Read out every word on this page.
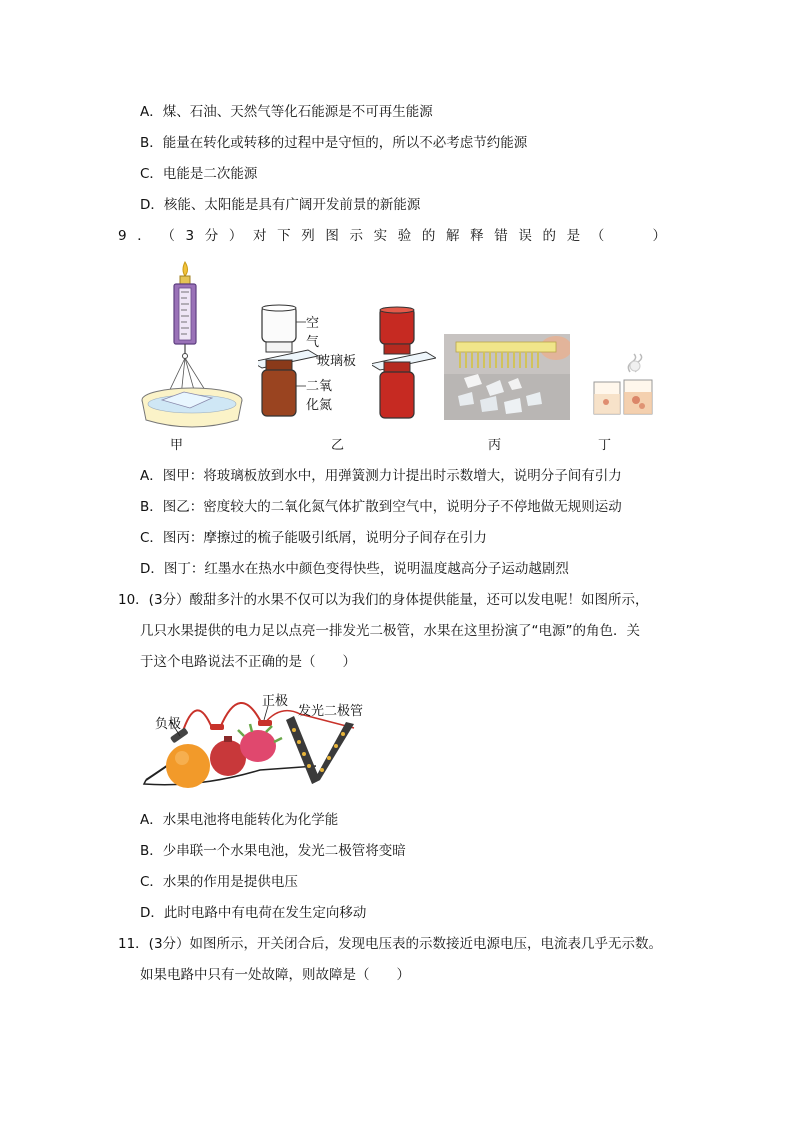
A．煤、石油、天然气等化石能源是不可再生能源
B．能量在转化或转移的过程中是守恒的，所以不必考虑节约能源
C．电能是二次能源
D．核能、太阳能是具有广阔开发前景的新能源
9 ． （ 3 分 ） 对 下 列 图 示 实 验 的 解 释 错 误 的 是 （
　　	）
空
气
玻璃板
二氧
化氮
甲	乙	丙	丁
A．图甲：将玻璃板放到水中，用弹簧测力计提出时示数增大，说明分子间有引力
B．图乙：密度较大的二氧化氮气体扩散到空气中，说明分子不停地做无规则运动
C．图丙：摩擦过的梳子能吸引纸屑，说明分子间存在引力
D．图丁：红墨水在热水中颜色变得快些，说明温度越高分子运动越剧烈
10．(3分）酸甜多汁的水果不仅可以为我们的身体提供能量，还可以发电呢！如图所示，
几只水果提供的电力足以点亮一排发光二极管，水果在这里扮演了“电源”的角色．关
于这个电路说法不正确的是（　　）
负极
正极
发光二极管
A．水果电池将电能转化为化学能
B．少串联一个水果电池，发光二极管将变暗
C．水果的作用是提供电压
D．此时电路中有电荷在发生定向移动
11．(3分）如图所示，开关闭合后，发现电压表的示数接近电源电压，电流表几乎无示数。
如果电路中只有一处故障，则故障是（　　）
